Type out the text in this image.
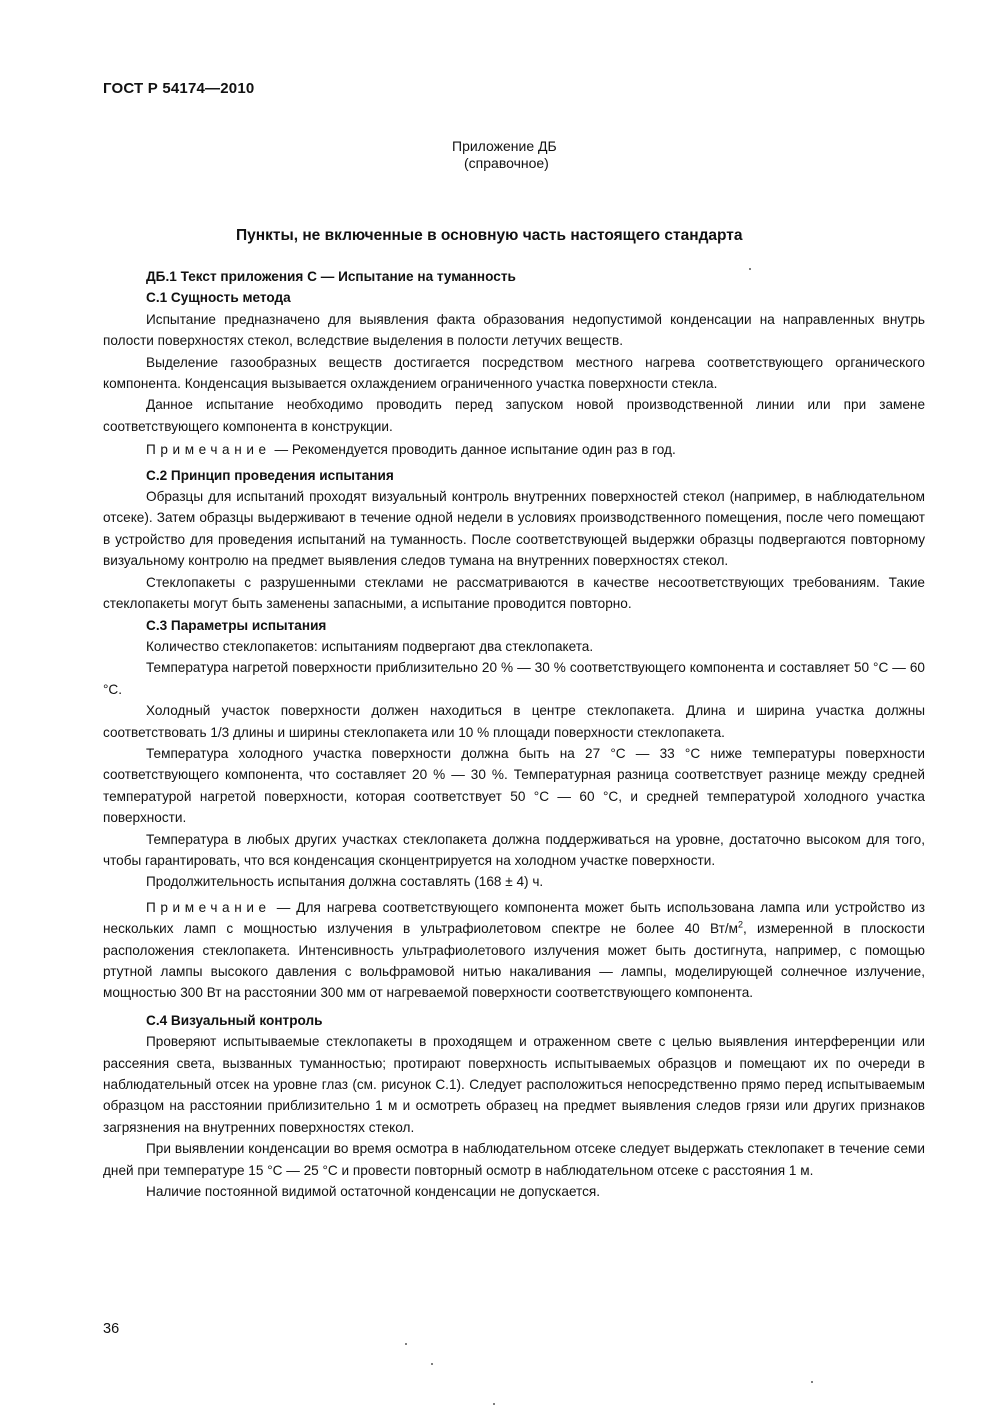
ГОСТ Р 54174—2010
Приложение ДБ
(справочное)
Пункты, не включенные в основную часть настоящего стандарта
ДБ.1 Текст приложения С — Испытание на туманность
С.1 Сущность метода

Испытание предназначено для выявления факта образования недопустимой конденсации на направленных внутрь полости поверхностях стекол, вследствие выделения в полости летучих веществ.

Выделение газообразных веществ достигается посредством местного нагрева соответствующего органического компонента. Конденсация вызывается охлаждением ограниченного участка поверхности стекла.

Данное испытание необходимо проводить перед запуском новой производственной линии или при замене соответствующего компонента в конструкции.

Примечание — Рекомендуется проводить данное испытание один раз в год.

С.2 Принцип проведения испытания

Образцы для испытаний проходят визуальный контроль внутренних поверхностей стекол (например, в наблюдательном отсеке). Затем образцы выдерживают в течение одной недели в условиях производственного помещения, после чего помещают в устройство для проведения испытаний на туманность. После соответствующей выдержки образцы подвергаются повторному визуальному контролю на предмет выявления следов тумана на внутренних поверхностях стекол.

Стеклопакеты с разрушенными стеклами не рассматриваются в качестве несоответствующих требованиям. Такие стеклопакеты могут быть заменены запасными, а испытание проводится повторно.

С.3 Параметры испытания

Количество стеклопакетов: испытаниям подвергают два стеклопакета.

Температура нагретой поверхности приблизительно 20 % — 30 % соответствующего компонента и составляет 50 °С — 60 °С.

Холодный участок поверхности должен находиться в центре стеклопакета. Длина и ширина участка должны соответствовать 1/3 длины и ширины стеклопакета или 10 % площади поверхности стеклопакета.

Температура холодного участка поверхности должна быть на 27 °С — 33 °С ниже температуры поверхности соответствующего компонента, что составляет 20 % — 30 %. Температурная разница соответствует разнице между средней температурой нагретой поверхности, которая соответствует 50 °С — 60 °С, и средней температурой холодного участка поверхности.

Температура в любых других участках стеклопакета должна поддерживаться на уровне, достаточно высоком для того, чтобы гарантировать, что вся конденсация сконцентрируется на холодном участке поверхности.

Продолжительность испытания должна составлять (168 ± 4) ч.

Примечание — Для нагрева соответствующего компонента может быть использована лампа или устройство из нескольких ламп с мощностью излучения в ультрафиолетовом спектре не более 40 $Вт/м^2$, измеренной в плоскости расположения стеклопакета. Интенсивность ультрафиолетового излучения может быть достигнута, например, с помощью ртутной лампы высокого давления с вольфрамовой нитью накаливания — лампы, моделирующей солнечное излучение, мощностью 300 Вт на расстоянии 300 мм от нагреваемой поверхности соответствующего компонента.

С.4 Визуальный контроль

Проверяют испытываемые стеклопакеты в проходящем и отраженном свете с целью выявления интерференции или рассеяния света, вызванных туманностью; протирают поверхность испытываемых образцов и помещают их по очереди в наблюдательный отсек на уровне глаз (см. рисунок С.1). Следует расположиться непосредственно прямо перед испытываемым образцом на расстоянии приблизительно 1 м и осмотреть образец на предмет выявления следов грязи или других признаков загрязнения на внутренних поверхностях стекол.

При выявлении конденсации во время осмотра в наблюдательном отсеке следует выдержать стеклопакет в течение семи дней при температуре 15 °С — 25 °С и провести повторный осмотр в наблюдательном отсеке с расстояния 1 м.

Наличие постоянной видимой остаточной конденсации не допускается.

36
